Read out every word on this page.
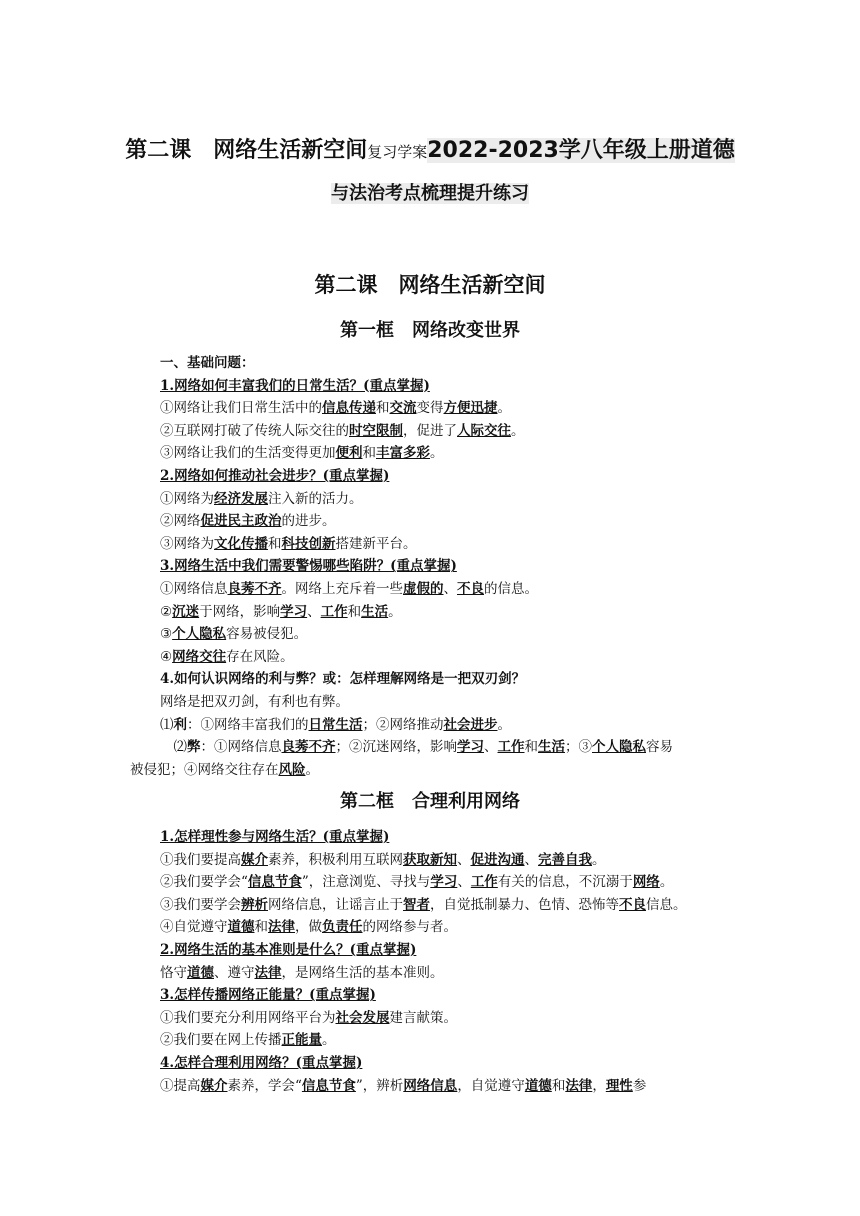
第二课　网络生活新空间复习学案2022-2023学八年级上册道德
与法治考点梳理提升练习
第二课　网络生活新空间
第一框　网络改变世界
一、基础问题：
1.网络如何丰富我们的日常生活？(重点掌握)
①网络让我们日常生活中的信息传递和交流变得方便迅捷。
②互联网打破了传统人际交往的时空限制，促进了人际交往。
③网络让我们的生活变得更加便利和丰富多彩。
2.网络如何推动社会进步？(重点掌握)
①网络为经济发展注入新的活力。
②网络促进民主政治的进步。
③网络为文化传播和科技创新搭建新平台。
3.网络生活中我们需要警惕哪些陷阱？(重点掌握)
①网络信息良莠不齐。网络上充斥着一些虚假的、不良的信息。
②沉迷于网络，影响学习、工作和生活。
③个人隐私容易被侵犯。
④网络交往存在风险。
4.如何认识网络的利与弊？或：怎样理解网络是一把双刃剑？
网络是把双刃剑，有利也有弊。
⑴利：①网络丰富我们的日常生活；②网络推动社会进步。
　⑵弊：①网络信息良莠不齐；②沉迷网络，影响学习、工作和生活；③个人隐私容易
被侵犯；④网络交往存在风险。
第二框　合理利用网络
1.怎样理性参与网络生活？(重点掌握)
①我们要提高媒介素养，积极利用互联网获取新知、促进沟通、完善自我。
②我们要学会“信息节食”，注意浏览、寻找与学习、工作有关的信息，不沉溺于网络。
③我们要学会辨析网络信息，让谣言止于智者，自觉抵制暴力、色情、恐怖等不良信息。
④自觉遵守道德和法律，做负责任的网络参与者。
2.网络生活的基本准则是什么？(重点掌握)
恪守道德、遵守法律，是网络生活的基本准则。
3.怎样传播网络正能量？(重点掌握)
①我们要充分利用网络平台为社会发展建言献策。
②我们要在网上传播正能量。
4.怎样合理利用网络？(重点掌握)
①提高媒介素养，学会“信息节食”，辨析网络信息，自觉遵守道德和法律，理性参
